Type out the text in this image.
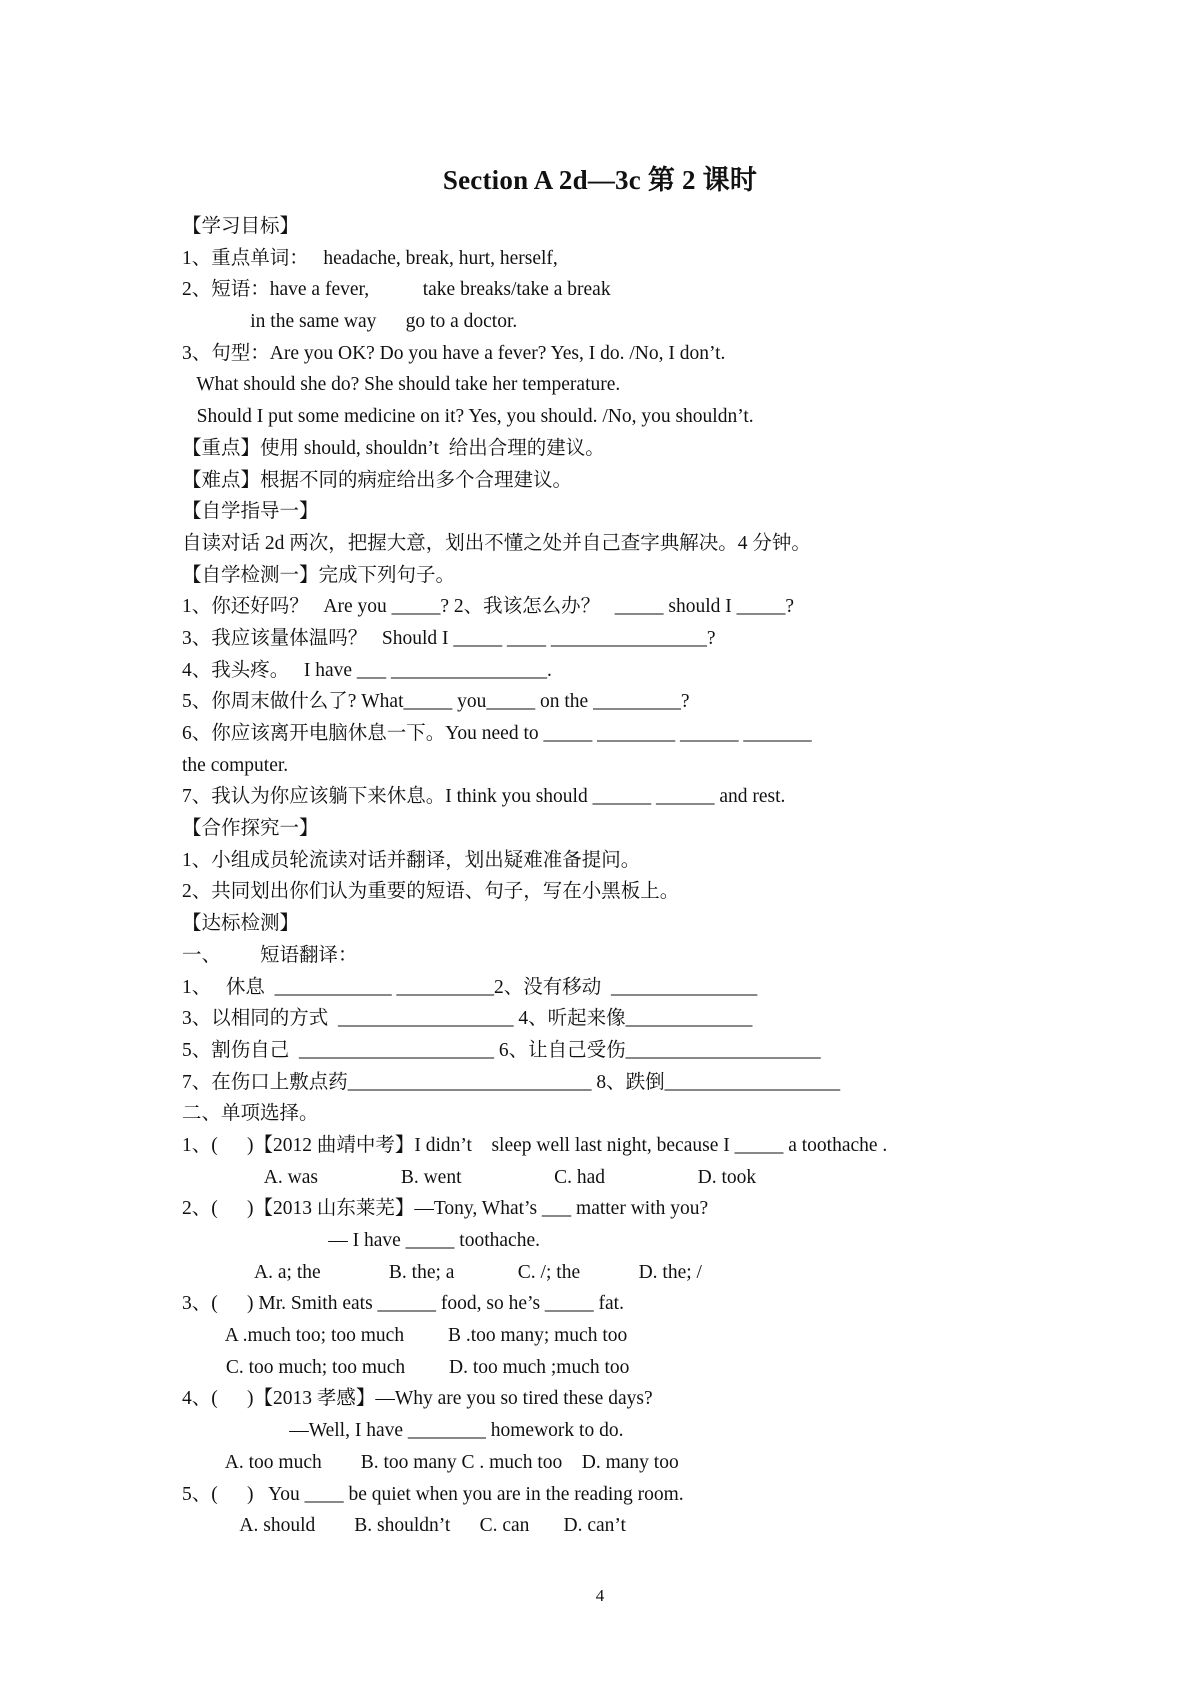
Section A 2d—3c 第 2 课时
【学习目标】
1、重点单词：   headache, break, hurt, herself,
2、短语：have a fever,           take breaks/take a break
in the same way      go to a doctor.
3、句型：Are you OK? Do you have a fever? Yes, I do. /No, I don’t.
What should she do? She should take her temperature.
Should I put some medicine on it? Yes, you should. /No, you shouldn’t.
【重点】使用 should, shouldn’t  给出合理的建议。
【难点】根据不同的病症给出多个合理建议。
【自学指导一】
自读对话 2d 两次，把握大意，划出不懂之处并自己查字典解决。4 分钟。
【自学检测一】完成下列句子。
1、你还好吗？   Are you _____? 2、我该怎么办？   _____ should I _____?
3、我应该量体温吗？   Should I _____ ____ ________________?
4、我头疼。   I have ___ ________________.
5、你周末做什么了? What_____ you_____ on the _________?
6、你应该离开电脑休息一下。You need to _____ ________ ______ _______
the computer.
7、我认为你应该躺下来休息。I think you should ______ ______ and rest.
【合作探究一】
1、小组成员轮流读对话并翻译，划出疑难准备提问。
2、共同划出你们认为重要的短语、句子，写在小黑板上。
【达标检测】
一、        短语翻译：
1、   休息  ____________ __________2、没有移动  _______________
3、以相同的方式  __________________ 4、听起来像_____________
5、割伤自己  ____________________ 6、让自己受伤____________________
7、在伤口上敷点药_________________________ 8、跌倒__________________
二、单项选择。
1、(      )【2012 曲靖中考】I didn’t    sleep well last night, because I _____ a toothache .
A. was                 B. went                   C. had                   D. took
2、(      )【2013 山东莱芜】—Tony, What’s ___ matter with you?
— I have _____ toothache.
A. a; the              B. the; a             C. /; the            D. the; /
3、(      ) Mr. Smith eats ______ food, so he’s _____ fat.
A .much too; too much         B .too many; much too
C. too much; too much         D. too much ;much too
4、(      )【2013 孝感】—Why are you so tired these days?
—Well, I have ________ homework to do.
A. too much        B. too many C . much too    D. many too
5、(      )   You ____ be quiet when you are in the reading room.
A. should        B. shouldn’t      C. can       D. can’t
4
